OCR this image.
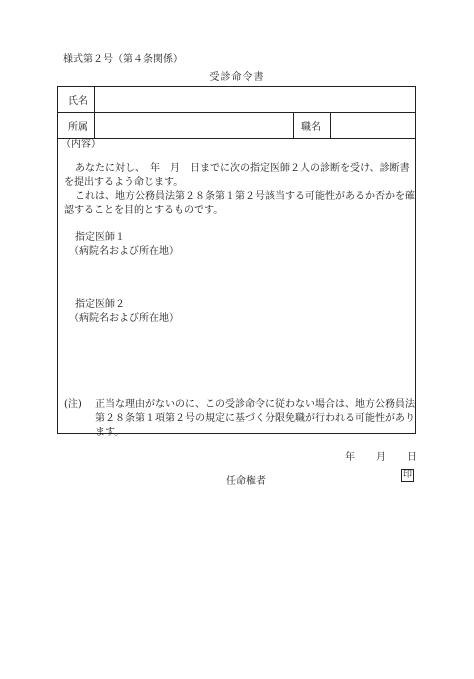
様式第２号（第４条関係）
受診命令書
氏名
所属	職名
（内容）
あなたに対し、　年　月　日までに次の指定医師２人の診断を受け、診断書
を提出するよう命じます。
これは、地方公務員法第２８条第１第２号該当する可能性があるか否かを確
認することを目的とするものです。
指定医師１
（病院名および所在地）
指定医師２
（病院名および所在地）
(注) 正当な理由がないのに、この受診命令に従わない場合は、地方公務員法
第２８条第１項第２号の規定に基づく分限免職が行われる可能性があり
ます。
年 月 日
任命権者
印
